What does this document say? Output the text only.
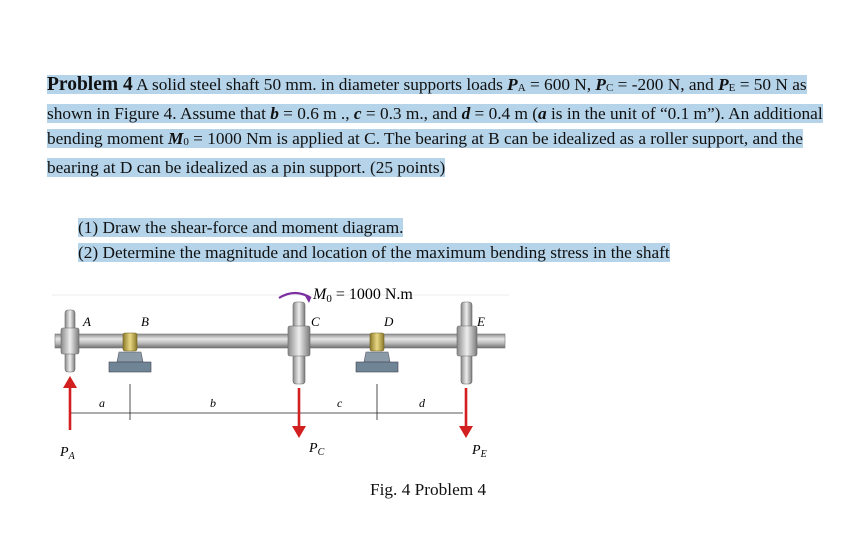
Problem 4 A solid steel shaft 50 mm. in diameter supports loads $P_A = 600$ N, $P_C = -200$ N, and $P_E = 50$ N as shown in Figure 4. Assume that b = 0.6 m ., c = 0.3 m., and d = 0.4 m (a is in the unit of “0.1 m”). An additional bending moment $M_0 = 1000$ Nm is applied at C. The bearing at B can be idealized as a roller support, and the bearing at D can be idealized as a pin support. (25 points)

(1) Draw the shear-force and moment diagram.
(2) Determine the magnitude and location of the maximum bending stress in the shaft
A	B	C	D	E
M0 = 1000 N.m
a	b	c	d
$P_A$
$P_C$	$P_E$
Fig. 4 Problem 4
